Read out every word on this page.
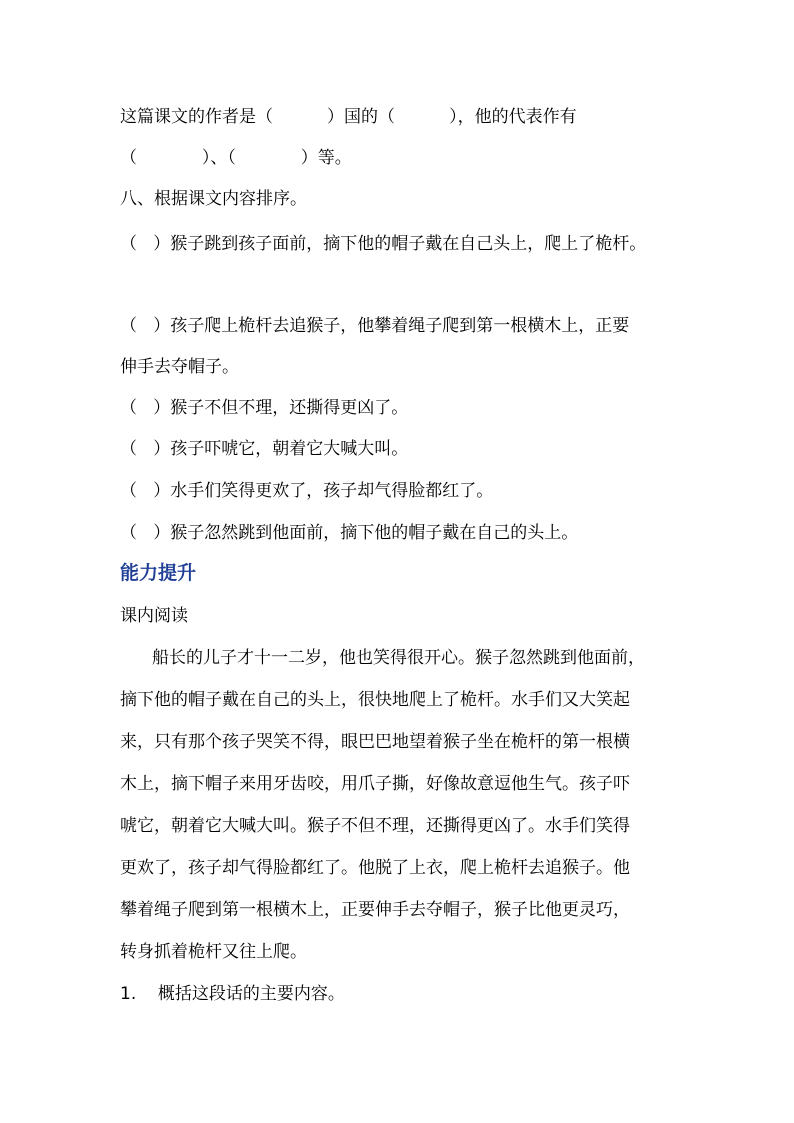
这篇课文的作者是（          ）国的（          ），他的代表作有
（            ）、（            ）等。
八、根据课文内容排序。
（   ）猴子跳到孩子面前，摘下他的帽子戴在自己头上，爬上了桅杆。
（   ）孩子爬上桅杆去追猴子，他攀着绳子爬到第一根横木上，正要
伸手去夺帽子。
（   ）猴子不但不理，还撕得更凶了。
（   ）孩子吓唬它，朝着它大喊大叫。
（   ）水手们笑得更欢了，孩子却气得脸都红了。
（   ）猴子忽然跳到他面前，摘下他的帽子戴在自己的头上。
能力提升
课内阅读
船长的儿子才十一二岁，他也笑得很开心。猴子忽然跳到他面前，
摘下他的帽子戴在自己的头上，很快地爬上了桅杆。水手们又大笑起
来，只有那个孩子哭笑不得，眼巴巴地望着猴子坐在桅杆的第一根横
木上，摘下帽子来用牙齿咬，用爪子撕，好像故意逗他生气。孩子吓
唬它，朝着它大喊大叫。猴子不但不理，还撕得更凶了。水手们笑得
更欢了，孩子却气得脸都红了。他脱了上衣，爬上桅杆去追猴子。他
攀着绳子爬到第一根横木上，正要伸手去夺帽子，猴子比他更灵巧，
转身抓着桅杆又往上爬。
1.    概括这段话的主要内容。
